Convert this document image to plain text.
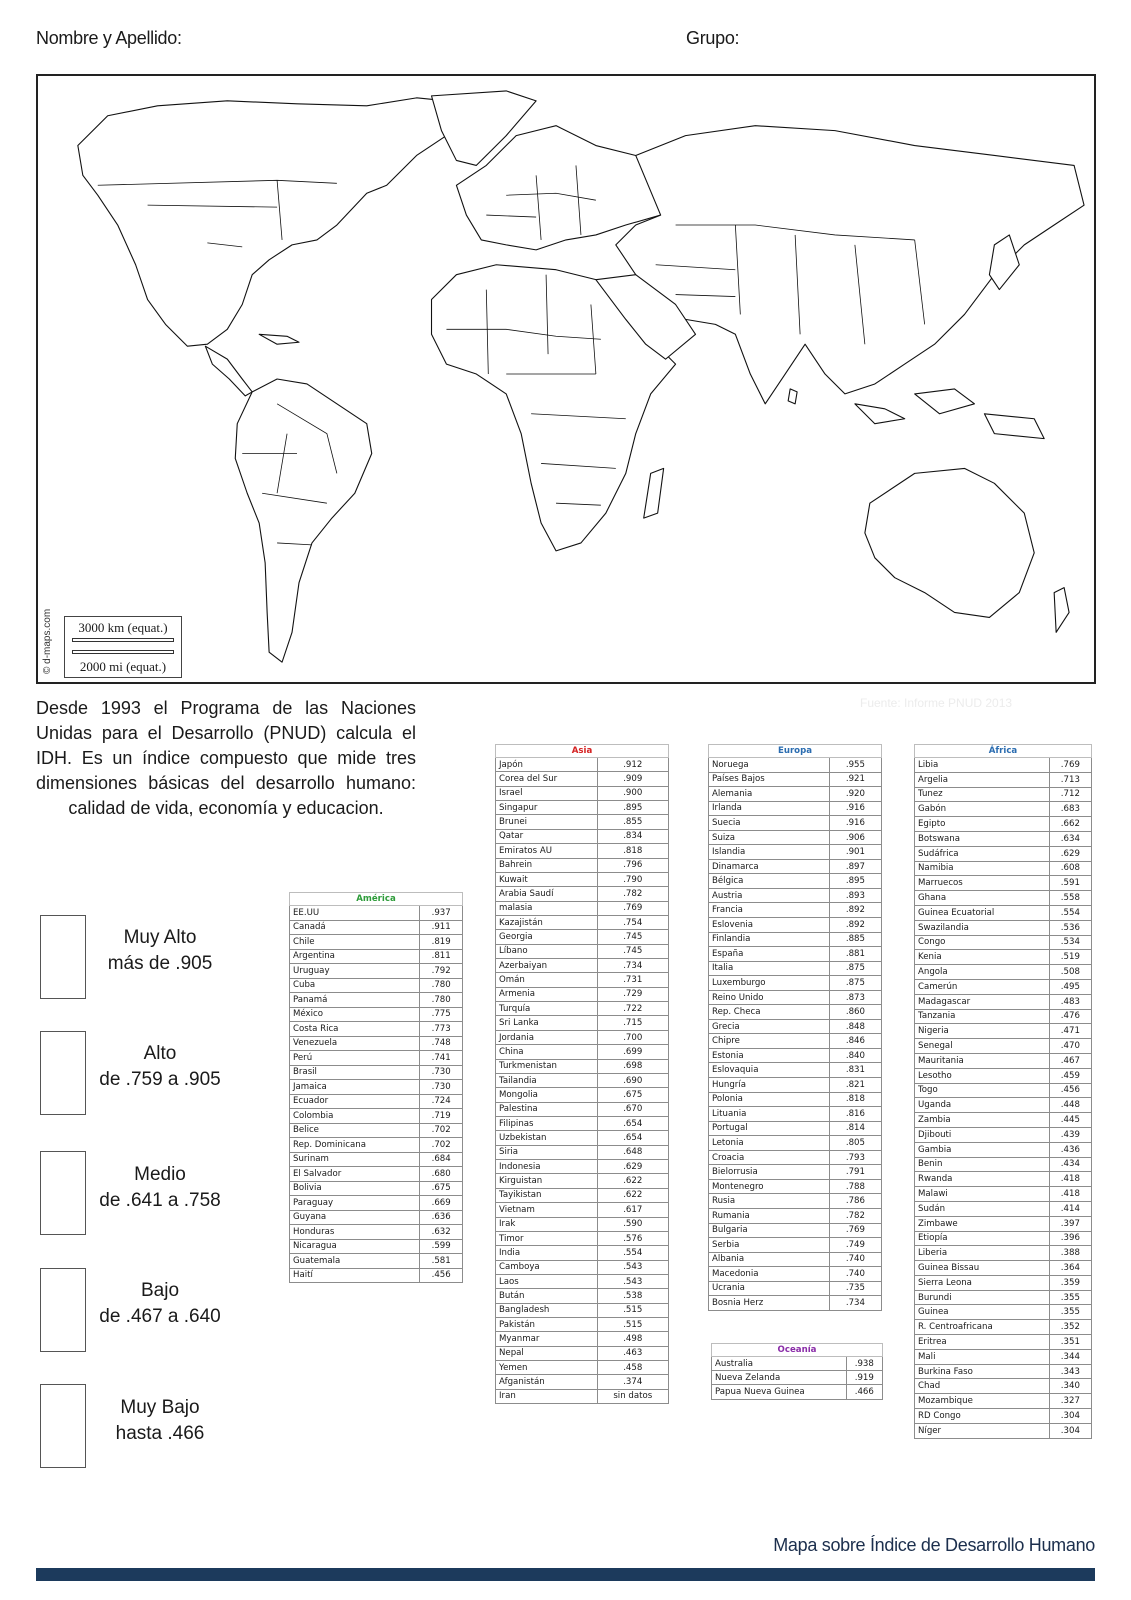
Nombre y Apellido:	Grupo:
3000 km (equat.)
2000 mi (equat.)
© d-maps.com
Fuente: Informe PNUD 2013
Desde 1993 el Programa de las Naciones Unidas para el Desarrollo (PNUD) calcula el IDH. Es un índice compuesto que mide tres dimensiones básicas del desarrollo humano: calidad de vida, economía y educacion.
Muy Alto
más de .905
Alto
de .759 a .905
Medio
de .641 a .758
Bajo
de .467 a .640
Muy Bajo
hasta .466
América	
EE.UU	.937
Canadá	.911
Chile	.819
Argentina	.811
Uruguay	.792
Cuba	.780
Panamá	.780
México	.775
Costa Rica	.773
Venezuela	.748
Perú	.741
Brasil	.730
Jamaica	.730
Ecuador	.724
Colombia	.719
Belice	.702
Rep. Dominicana	.702
Surinam	.684
El Salvador	.680
Bolivia	.675
Paraguay	.669
Guyana	.636
Honduras	.632
Nicaragua	.599
Guatemala	.581
Haití	.456
Asia	
Japón	.912
Corea del Sur	.909
Israel	.900
Singapur	.895
Brunei	.855
Qatar	.834
Emiratos AU	.818
Bahrein	.796
Kuwait	.790
Arabia Saudí	.782
malasia	.769
Kazajistán	.754
Georgia	.745
Líbano	.745
Azerbaiyan	.734
Omán	.731
Armenia	.729
Turquía	.722
Sri Lanka	.715
Jordania	.700
China	.699
Turkmenistan	.698
Tailandia	.690
Mongolia	.675
Palestina	.670
Filipinas	.654
Uzbekistan	.654
Siria	.648
Indonesia	.629
Kirguistan	.622
Tayikistan	.622
Vietnam	.617
Irak	.590
Timor	.576
India	.554
Camboya	.543
Laos	.543
Bután	.538
Bangladesh	.515
Pakistán	.515
Myanmar	.498
Nepal	.463
Yemen	.458
Afganistán	.374
Iran	sin datos
Europa	
Noruega	.955
Países Bajos	.921
Alemania	.920
Irlanda	.916
Suecia	.916
Suiza	.906
Islandia	.901
Dinamarca	.897
Bélgica	.895
Austria	.893
Francia	.892
Eslovenia	.892
Finlandia	.885
España	.881
Italia	.875
Luxemburgo	.875
Reino Unido	.873
Rep. Checa	.860
Grecia	.848
Chipre	.846
Estonia	.840
Eslovaquia	.831
Hungría	.821
Polonia	.818
Lituania	.816
Portugal	.814
Letonia	.805
Croacia	.793
Bielorrusia	.791
Montenegro	.788
Rusia	.786
Rumania	.782
Bulgaria	.769
Serbia	.749
Albania	.740
Macedonia	.740
Ucrania	.735
Bosnia Herz	.734
Oceanía	
Australia	.938
Nueva Zelanda	.919
Papua Nueva Guinea	.466
África	
Libia	.769
Argelia	.713
Tunez	.712
Gabón	.683
Egipto	.662
Botswana	.634
Sudáfrica	.629
Namibia	.608
Marruecos	.591
Ghana	.558
Guinea Ecuatorial	.554
Swazilandia	.536
Congo	.534
Kenia	.519
Angola	.508
Camerún	.495
Madagascar	.483
Tanzania	.476
Nigeria	.471
Senegal	.470
Mauritania	.467
Lesotho	.459
Togo	.456
Uganda	.448
Zambia	.445
Djibouti	.439
Gambia	.436
Benin	.434
Rwanda	.418
Malawi	.418
Sudán	.414
Zimbawe	.397
Etiopía	.396
Liberia	.388
Guinea Bissau	.364
Sierra Leona	.359
Burundi	.355
Guinea	.355
R. Centroafricana	.352
Eritrea	.351
Mali	.344
Burkina Faso	.343
Chad	.340
Mozambique	.327
RD Congo	.304
Níger	.304
Mapa sobre Índice de Desarrollo Humano
